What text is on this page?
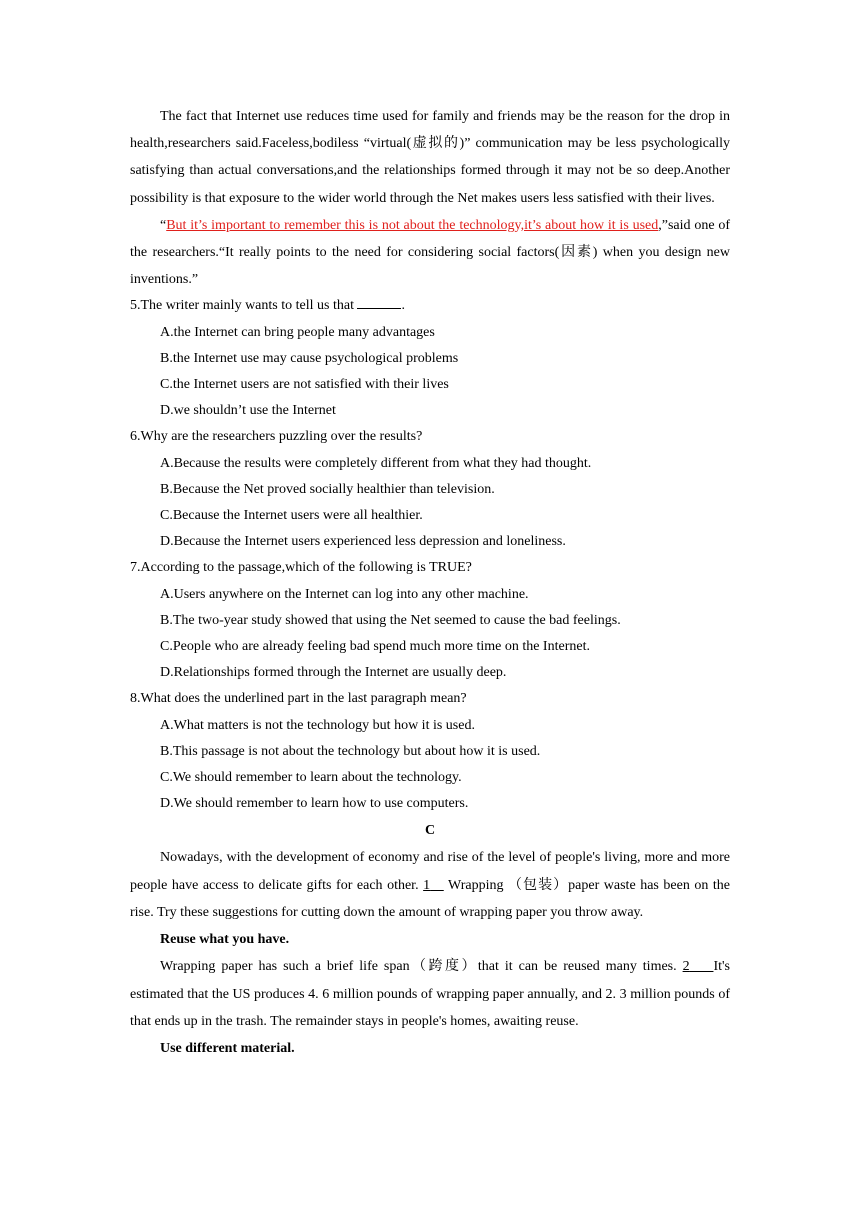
The fact that Internet use reduces time used for family and friends may be the reason for the drop in health,researchers said.Faceless,bodiless “virtual(虚拟的)” communication may be less psychologically satisfying than actual conversations,and the relationships formed through it may not be so deep.Another possibility is that exposure to the wider world through the Net makes users less satisfied with their lives.

“But it’s important to remember this is not about the technology,it’s about how it is used,”said one of the researchers.“It really points to the need for considering social factors(因素) when you design new inventions.”

5.The writer mainly wants to tell us that	.

A.the Internet can bring people many advantages

B.the Internet use may cause psychological problems

C.the Internet users are not satisfied with their lives

D.we shouldn’t use the Internet

6.Why are the researchers puzzling over the results?

A.Because the results were completely different from what they had thought.

B.Because the Net proved socially healthier than television.

C.Because the Internet users were all healthier.

D.Because the Internet users experienced less depression and loneliness.

7.According to the passage,which of the following is TRUE?

A.Users anywhere on the Internet can log into any other machine.

B.The two-year study showed that using the Net seemed to cause the bad feelings.

C.People who are already feeling bad spend much more time on the Internet.

D.Relationships formed through the Internet are usually deep.

8.What does the underlined part in the last paragraph mean?

A.What matters is not the technology but how it is used.

B.This passage is not about the technology but about how it is used.

C.We should remember to learn about the technology.

D.We should remember to learn how to use computers.

C

Nowadays, with the development of economy and rise of the level of people's living, more and more people have access to delicate gifts for each other. 1    Wrapping （包装）paper waste has been on the rise. Try these suggestions for cutting down the amount of wrapping paper you throw away.

Reuse what you have.

Wrapping paper has such a brief life span（跨度）that it can be reused many times. 2 It's estimated that the US produces 4. 6 million pounds of wrapping paper annually, and 2. 3 million pounds of that ends up in the trash. The remainder stays in people's homes, awaiting reuse.

Use different material.
